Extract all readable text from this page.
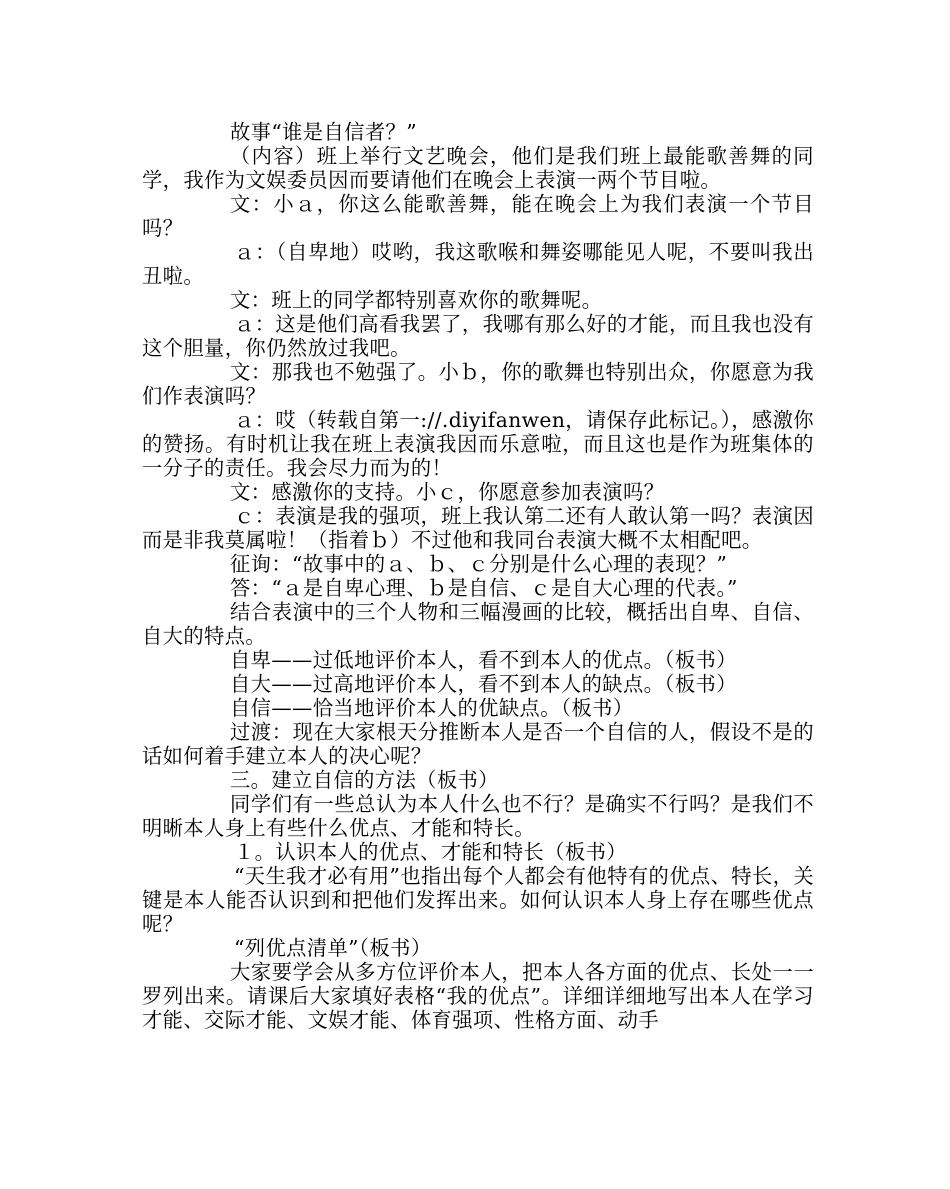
故事“谁是自信者？”

（内容）班上举行文艺晚会，他们是我们班上最能歌善舞的同学，我作为文娱委员因而要请他们在晚会上表演一两个节目啦。

文：小ａ，你这么能歌善舞，能在晚会上为我们表演一个节目吗？

ａ：（自卑地）哎哟，我这歌喉和舞姿哪能见人呢，不要叫我出丑啦。

文：班上的同学都特别喜欢你的歌舞呢。

ａ：这是他们高看我罢了，我哪有那么好的才能，而且我也没有这个胆量，你仍然放过我吧。

文：那我也不勉强了。小ｂ，你的歌舞也特别出众，你愿意为我们作表演吗？

ａ：哎（转载自第一://.diyifanwen，请保存此标记。），感激你的赞扬。有时机让我在班上表演我因而乐意啦，而且这也是作为班集体的一分子的责任。我会尽力而为的！

文：感激你的支持。小ｃ，你愿意参加表演吗？

ｃ：表演是我的强项，班上我认第二还有人敢认第一吗？表演因而是非我莫属啦！（指着ｂ）不过他和我同台表演大概不太相配吧。

征询：“故事中的ａ、ｂ、ｃ分别是什么心理的表现？”

答：“ａ是自卑心理、ｂ是自信、ｃ是自大心理的代表。”

结合表演中的三个人物和三幅漫画的比较，概括出自卑、自信、自大的特点。

自卑——过低地评价本人，看不到本人的优点。（板书）

自大——过高地评价本人，看不到本人的缺点。（板书）

自信——恰当地评价本人的优缺点。（板书）

过渡：现在大家根天分推断本人是否一个自信的人，假设不是的话如何着手建立本人的决心呢？

三。建立自信的方法（板书）

同学们有一些总认为本人什么也不行？是确实不行吗？是我们不明晰本人身上有些什么优点、才能和特长。

１。认识本人的优点、才能和特长（板书）

“天生我才必有用”也指出每个人都会有他特有的优点、特长，关键是本人能否认识到和把他们发挥出来。如何认识本人身上存在哪些优点呢？

“列优点清单”（板书）

大家要学会从多方位评价本人，把本人各方面的优点、长处一一罗列出来。请课后大家填好表格“我的优点”。详细详细地写出本人在学习才能、交际才能、文娱才能、体育强项、性格方面、动手
